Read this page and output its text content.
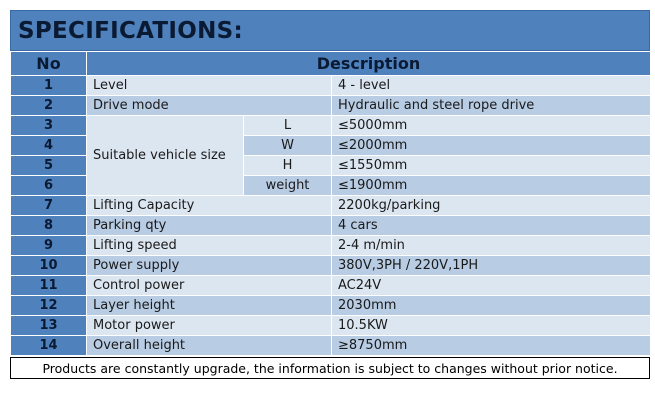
SPECIFICATIONS:
No	Description		
1	Level		4 - level
2	Drive mode		Hydraulic and steel rope drive
3	Suitable vehicle size	L	≤5000mm
4		W	≤2000mm
5		H	≤1550mm
6		weight	≤1900mm
7	Lifting Capacity		2200kg/parking
8	Parking qty		4 cars
9	Lifting speed		2-4 m/min
10	Power supply		380V,3PH / 220V,1PH
11	Control power		AC24V
12	Layer height		2030mm
13	Motor power		10.5KW
14	Overall height		≥8750mm
Products are constantly upgrade, the information is subject to changes without prior notice.
